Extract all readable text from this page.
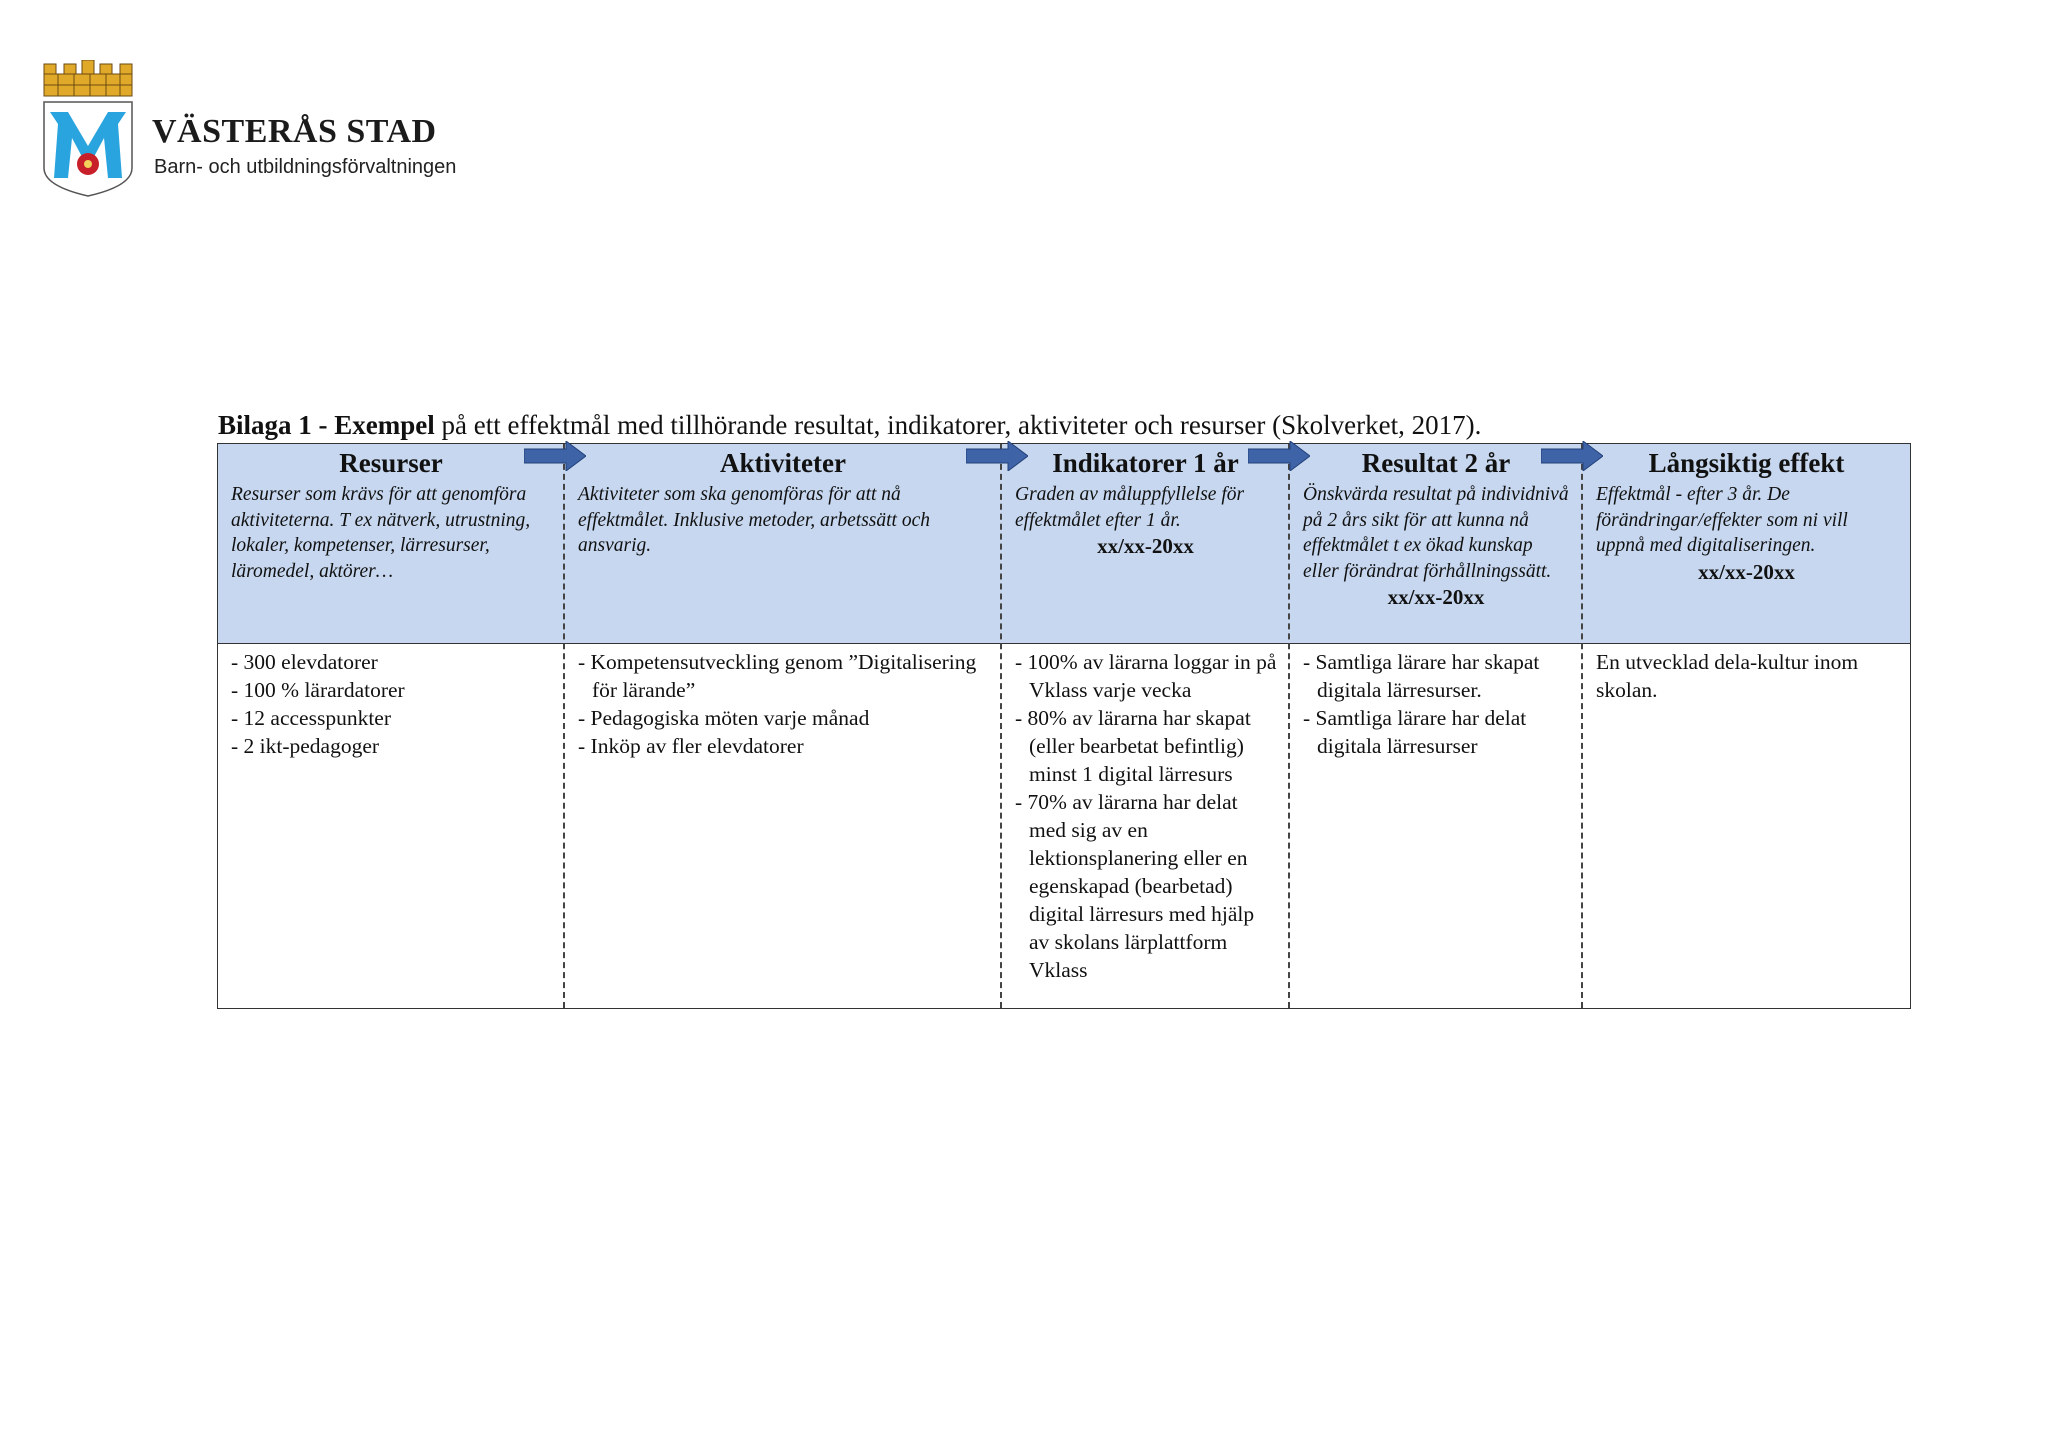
VÄSTERÅS STAD
Barn- och utbildningsförvaltningen
Bilaga 1 - Exempel på ett effektmål med tillhörande resultat, indikatorer, aktiviteter och resurser (Skolverket, 2017).
Resurser
Resurser som krävs för att genomföra aktiviteterna. T ex nätverk, utrustning, lokaler, kompetenser, lärresurser, läromedel, aktörer…
- 300 elevdatorer
- 100 % lärardatorer
- 12 accesspunkter
- 2 ikt-pedagoger
Aktiviteter
Aktiviteter som ska genomföras för att nå effektmålet. Inklusive metoder, arbetssätt och ansvarig.
- Kompetensutveckling genom ”Digitalisering för lärande”
- Pedagogiska möten varje månad
- Inköp av fler elevdatorer
Indikatorer 1 år
Graden av måluppfyllelse för effektmålet efter 1 år.
xx/xx-20xx
- 100% av lärarna loggar in på Vklass varje vecka
- 80% av lärarna har skapat (eller bearbetat befintlig) minst 1 digital lärresurs
- 70% av lärarna har delat med sig av en lektionsplanering eller en egenskapad (bearbetad) digital lärresurs med hjälp av skolans lärplattform Vklass
Resultat 2 år
Önskvärda resultat på individnivå på 2 års sikt för att kunna nå effektmålet t ex ökad kunskap eller förändrat förhållningssätt.
xx/xx-20xx
- Samtliga lärare har skapat digitala lärresurser.
- Samtliga lärare har delat digitala lärresurser
Långsiktig effekt
Effektmål - efter 3 år. De förändringar/effekter som ni vill uppnå med digitaliseringen.
xx/xx-20xx
En utvecklad dela-kultur inom skolan.
